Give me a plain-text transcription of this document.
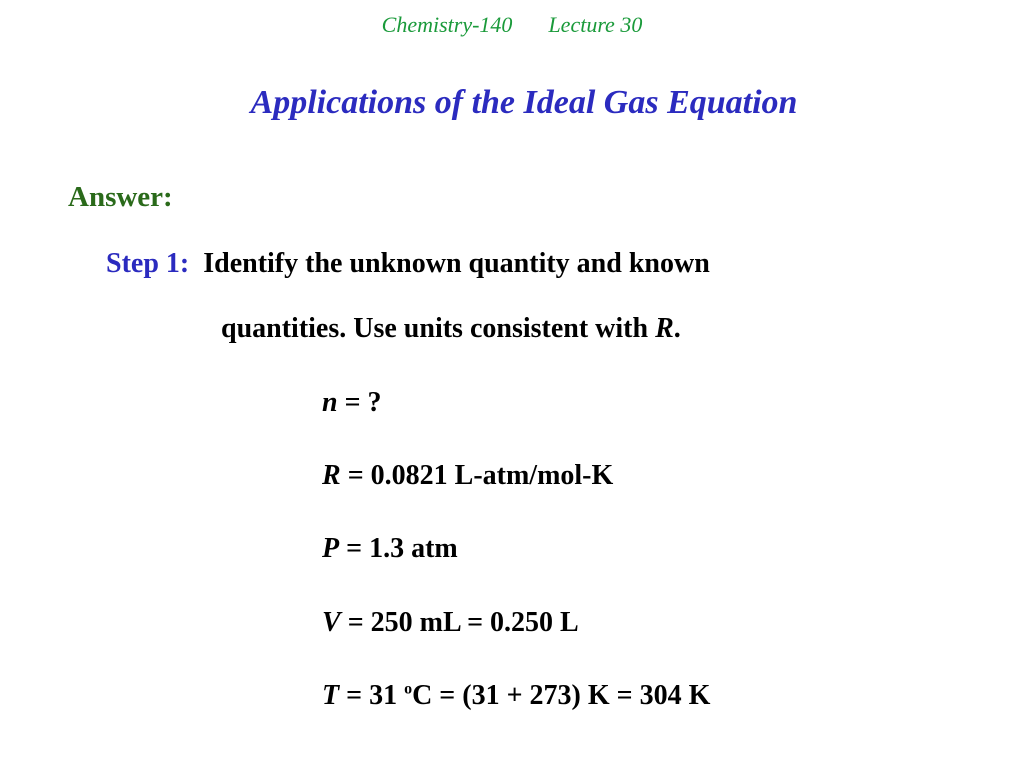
Chemistry-140 Lecture 30
Applications of the Ideal Gas Equation
Answer:
Step 1: Identify the unknown quantity and known
quantities. Use units consistent with R.
n = ?
R = 0.0821 L-atm/mol-K
P = 1.3 atm
V = 250 mL = 0.250 L
T = 31 $^o$C = (31 + 273) K = 304 K
